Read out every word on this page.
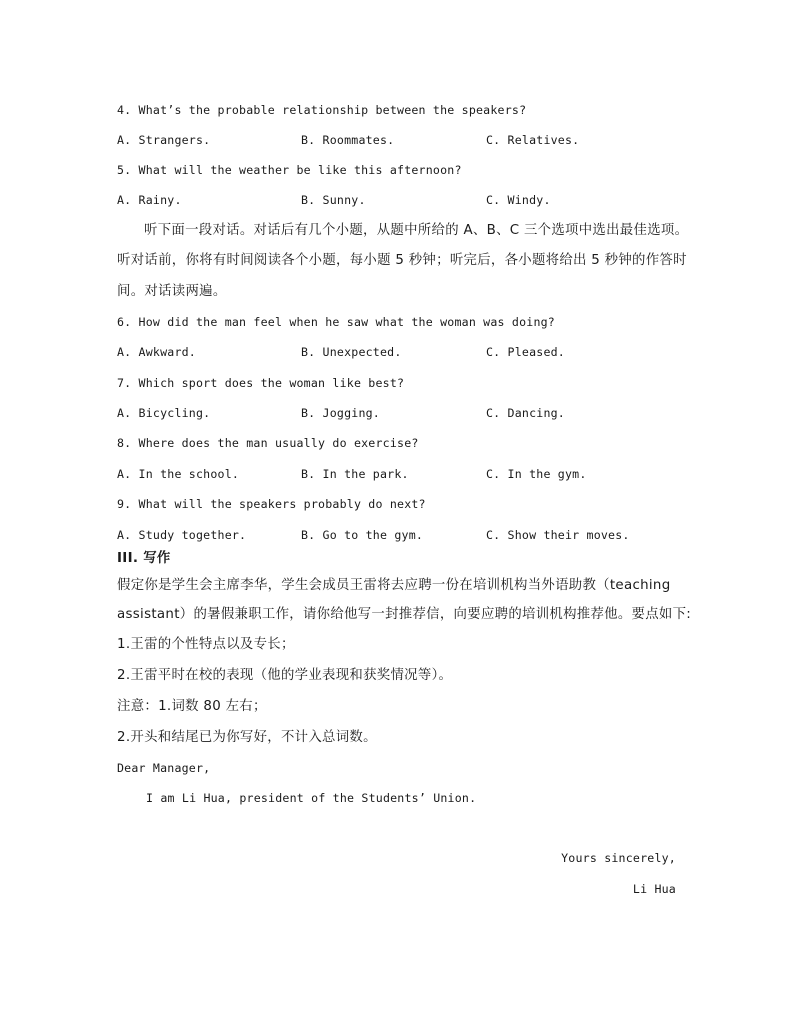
4. What’s the probable relationship between the speakers?
A. Strangers.	B. Roommates.	C. Relatives.
5. What will the weather be like this afternoon?
A. Rainy.	B. Sunny.	C. Windy.
听下面一段对话。对话后有几个小题，从题中所给的 A、B、C 三个选项中选出最佳选项。
听对话前，你将有时间阅读各个小题，每小题 5 秒钟；听完后，各小题将给出 5 秒钟的作答时
间。对话读两遍。
6. How did the man feel when he saw what the woman was doing?
A. Awkward.	B. Unexpected.	C. Pleased.
7. Which sport does the woman like best?
A. Bicycling.	B. Jogging.	C. Dancing.
8. Where does the man usually do exercise?
A. In the school.	B. In the park.	C. In the gym.
9. What will the speakers probably do next?
A. Study together.	B. Go to the gym.	C. Show their moves.
III. 写作
假定你是学生会主席李华，学生会成员王雷将去应聘一份在培训机构当外语助教（teaching
assistant）的暑假兼职工作，请你给他写一封推荐信，向要应聘的培训机构推荐他。要点如下:
1.王雷的个性特点以及专长；
2.王雷平时在校的表现（他的学业表现和获奖情况等）。
注意：1.词数 80 左右；
2.开头和结尾已为你写好，不计入总词数。
Dear Manager,
I am Li Hua, president of the Students’ Union.
Yours sincerely,
Li Hua
